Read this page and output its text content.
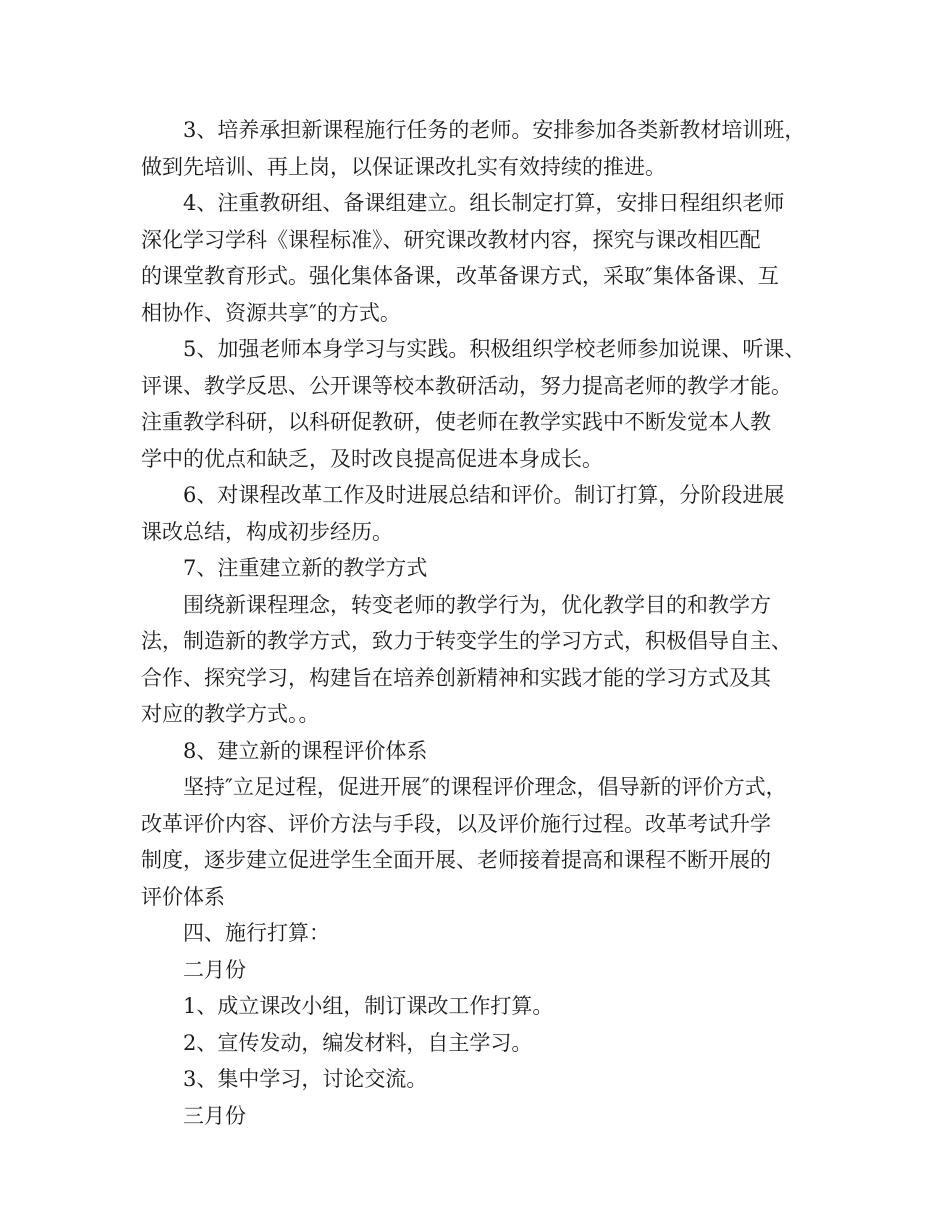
3、培养承担新课程施行任务的老师。安排参加各类新教材培训班，
做到先培训、再上岗，以保证课改扎实有效持续的推进。
4、注重教研组、备课组建立。组长制定打算，安排日程组织老师
深化学习学科《课程标准》、研究课改教材内容，探究与课改相匹配
的课堂教育形式。强化集体备课，改革备课方式，采取″集体备课、互
相协作、资源共享″的方式。
5、加强老师本身学习与实践。积极组织学校老师参加说课、听课、
评课、教学反思、公开课等校本教研活动，努力提高老师的教学才能。
注重教学科研，以科研促教研，使老师在教学实践中不断发觉本人教
学中的优点和缺乏，及时改良提高促进本身成长。
6、对课程改革工作及时进展总结和评价。制订打算，分阶段进展
课改总结，构成初步经历。
7、注重建立新的教学方式
围绕新课程理念，转变老师的教学行为，优化教学目的和教学方
法，制造新的教学方式，致力于转变学生的学习方式，积极倡导自主、
合作、探究学习，构建旨在培养创新精神和实践才能的学习方式及其
对应的教学方式。。
8、建立新的课程评价体系
坚持″立足过程，促进开展″的课程评价理念，倡导新的评价方式，
改革评价内容、评价方法与手段，以及评价施行过程。改革考试升学
制度，逐步建立促进学生全面开展、老师接着提高和课程不断开展的
评价体系
四、施行打算：
二月份
1、成立课改小组，制订课改工作打算。
2、宣传发动，编发材料，自主学习。
3、集中学习，讨论交流。
三月份
